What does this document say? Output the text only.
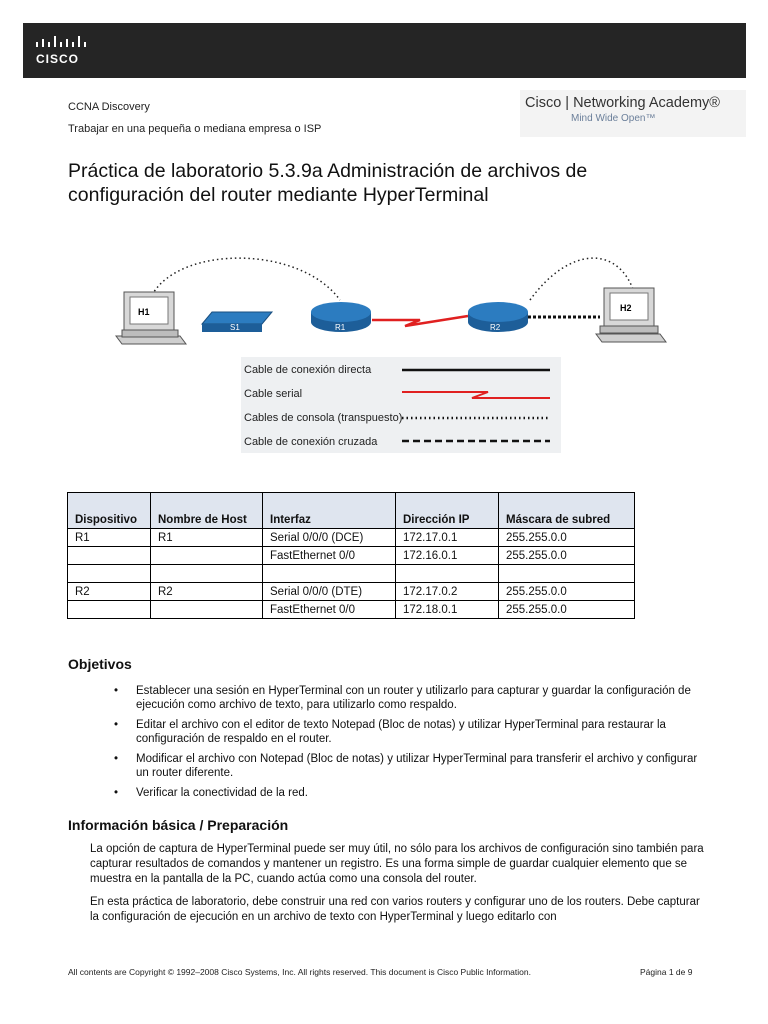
CISCO
CCNA Discovery
Trabajar en una pequeña o mediana empresa o ISP
Cisco | Networking Academy®
Mind Wide Open™
Práctica de laboratorio 5.3.9a Administración de archivos de configuración del router mediante HyperTerminal
H1
S1	R1	R2
H2
Cable de conexión directa
Cable serial
Cables de consola (transpuesto)
Cable de conexión cruzada
Dispositivo	Nombre de Host	Interfaz	Dirección IP	Máscara de subred
R1	R1	Serial 0/0/0 (DCE)	172.17.0.1	255.255.0.0
		FastEthernet 0/0	172.16.0.1	255.255.0.0

R2	R2	Serial 0/0/0 (DTE)	172.17.0.2	255.255.0.0
		FastEthernet 0/0	172.18.0.1	255.255.0.0
Objetivos
• Establecer una sesión en HyperTerminal con un router y utilizarlo para capturar y guardar la configuración de ejecución como archivo de texto, para utilizarlo como respaldo.
• Editar el archivo con el editor de texto Notepad (Bloc de notas) y utilizar HyperTerminal para restaurar la configuración de respaldo en el router.
• Modificar el archivo con Notepad (Bloc de notas) y utilizar HyperTerminal para transferir el archivo y configurar un router diferente.
• Verificar la conectividad de la red.
Información básica / Preparación

La opción de captura de HyperTerminal puede ser muy útil, no sólo para los archivos de configuración sino también para capturar resultados de comandos y mantener un registro. Es una forma simple de guardar cualquier elemento que se muestra en la pantalla de la PC, cuando actúa como una consola del router.

En esta práctica de laboratorio, debe construir una red con varios routers y configurar uno de los routers. Debe capturar la configuración de ejecución en un archivo de texto con HyperTerminal y luego editarlo con

All contents are Copyright © 1992–2008 Cisco Systems, Inc. All rights reserved. This document is Cisco Public Information.	Página 1 de 9
